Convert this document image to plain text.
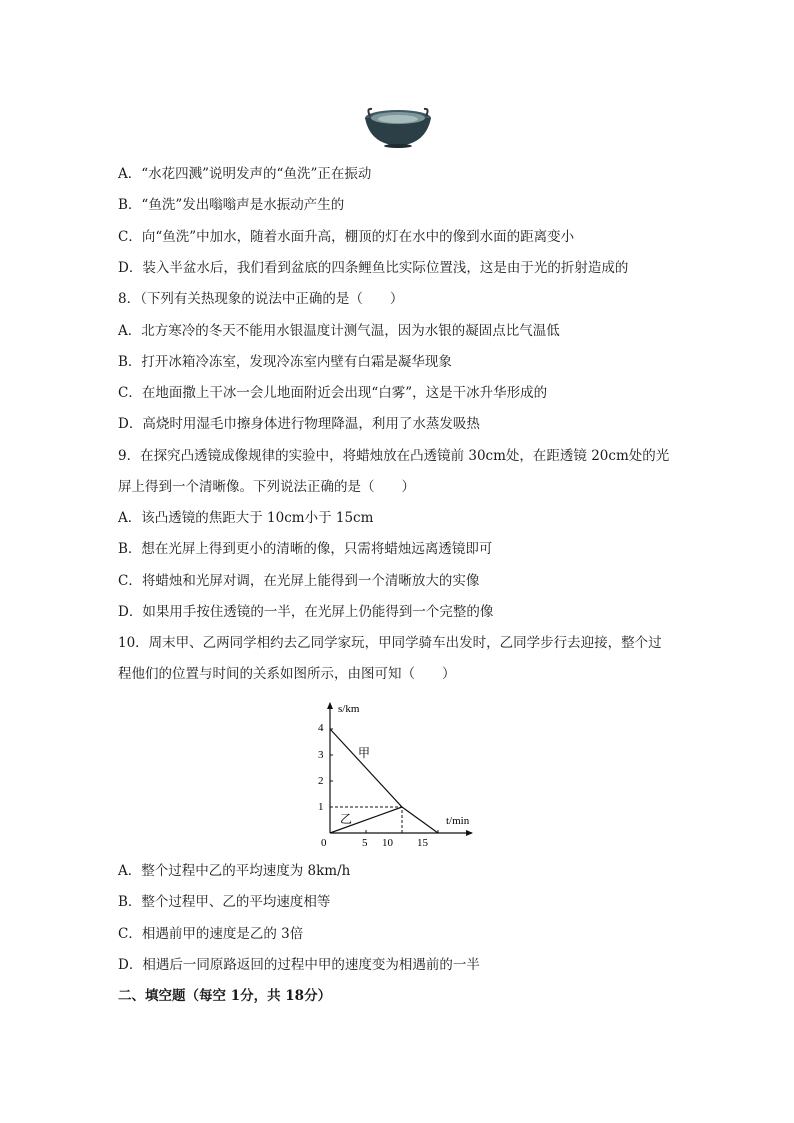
A．“水花四溅”说明发声的“鱼洗”正在振动
B．“鱼洗”发出嗡嗡声是水振动产生的
C．向“鱼洗”中加水，随着水面升高，棚顶的灯在水中的像到水面的距离变小
D．装入半盆水后，我们看到盆底的四条鲤鱼比实际位置浅，这是由于光的折射造成的
8．（下列有关热现象的说法中正确的是（　　）
A．北方寒冷的冬天不能用水银温度计测气温，因为水银的凝固点比气温低
B．打开冰箱冷冻室，发现冷冻室内壁有白霜是凝华现象
C．在地面撒上干冰一会儿地面附近会出现“白雾”，这是干冰升华形成的
D．高烧时用湿毛巾擦身体进行物理降温，利用了水蒸发吸热
9．在探究凸透镜成像规律的实验中，将蜡烛放在凸透镜前 30cm处，在距透镜 20cm处的光
屏上得到一个清晰像。下列说法正确的是（　　）
A．该凸透镜的焦距大于 10cm小于 15cm
B．想在光屏上得到更小的清晰的像，只需将蜡烛远离透镜即可
C．将蜡烛和光屏对调，在光屏上能得到一个清晰放大的实像
D．如果用手按住透镜的一半，在光屏上仍能得到一个完整的像
10．周末甲、乙两同学相约去乙同学家玩，甲同学骑车出发时，乙同学步行去迎接，整个过
程他们的位置与时间的关系如图所示，由图可知（　　）
s/km
t/min
0	5 10 15
1
2
3
4
甲
乙
A．整个过程中乙的平均速度为 8km/h
B．整个过程甲、乙的平均速度相等
C．相遇前甲的速度是乙的 3倍
D．相遇后一同原路返回的过程中甲的速度变为相遇前的一半
二、填空题（每空 1分，共 18分）
